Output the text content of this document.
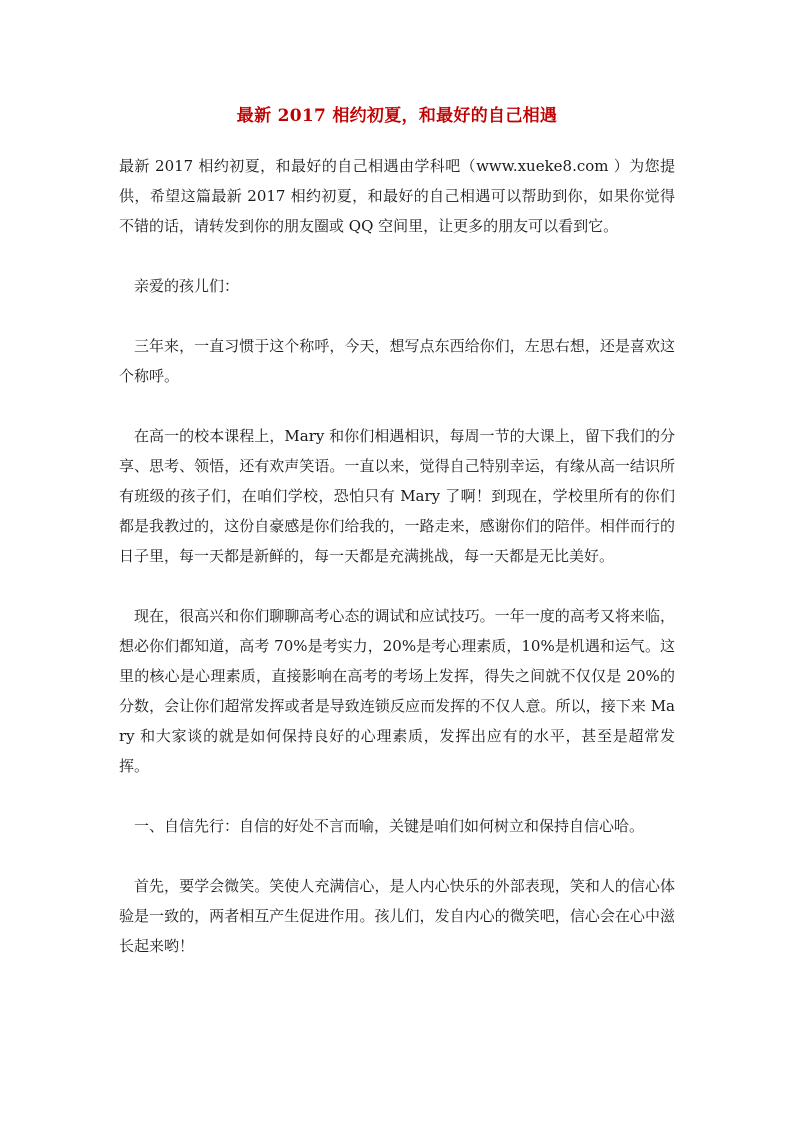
最新 2017 相约初夏，和最好的自己相遇

最新 2017 相约初夏，和最好的自己相遇由学科吧（www.xueke8.com ）为您提供，希望这篇最新 2017 相约初夏，和最好的自己相遇可以帮助到你，如果你觉得不错的话，请转发到你的朋友圈或 QQ 空间里，让更多的朋友可以看到它。

亲爱的孩儿们：

三年来，一直习惯于这个称呼，今天，想写点东西给你们，左思右想，还是喜欢这个称呼。

在高一的校本课程上，Mary 和你们相遇相识，每周一节的大课上，留下我们的分享、思考、领悟，还有欢声笑语。一直以来，觉得自己特别幸运，有缘从高一结识所有班级的孩子们，在咱们学校，恐怕只有 Mary 了啊！到现在，学校里所有的你们都是我教过的，这份自豪感是你们给我的，一路走来，感谢你们的陪伴。相伴而行的日子里，每一天都是新鲜的，每一天都是充满挑战，每一天都是无比美好。

现在，很高兴和你们聊聊高考心态的调试和应试技巧。一年一度的高考又将来临，想必你们都知道，高考 70%是考实力，20%是考心理素质，10%是机遇和运气。这里的核心是心理素质，直接影响在高考的考场上发挥，得失之间就不仅仅是 20%的分数，会让你们超常发挥或者是导致连锁反应而发挥的不仅人意。所以，接下来 Mary 和大家谈的就是如何保持良好的心理素质，发挥出应有的水平，甚至是超常发挥。

一、自信先行：自信的好处不言而喻，关键是咱们如何树立和保持自信心哈。

首先，要学会微笑。笑使人充满信心，是人内心快乐的外部表现，笑和人的信心体验是一致的，两者相互产生促进作用。孩儿们，发自内心的微笑吧，信心会在心中滋长起来哟！
